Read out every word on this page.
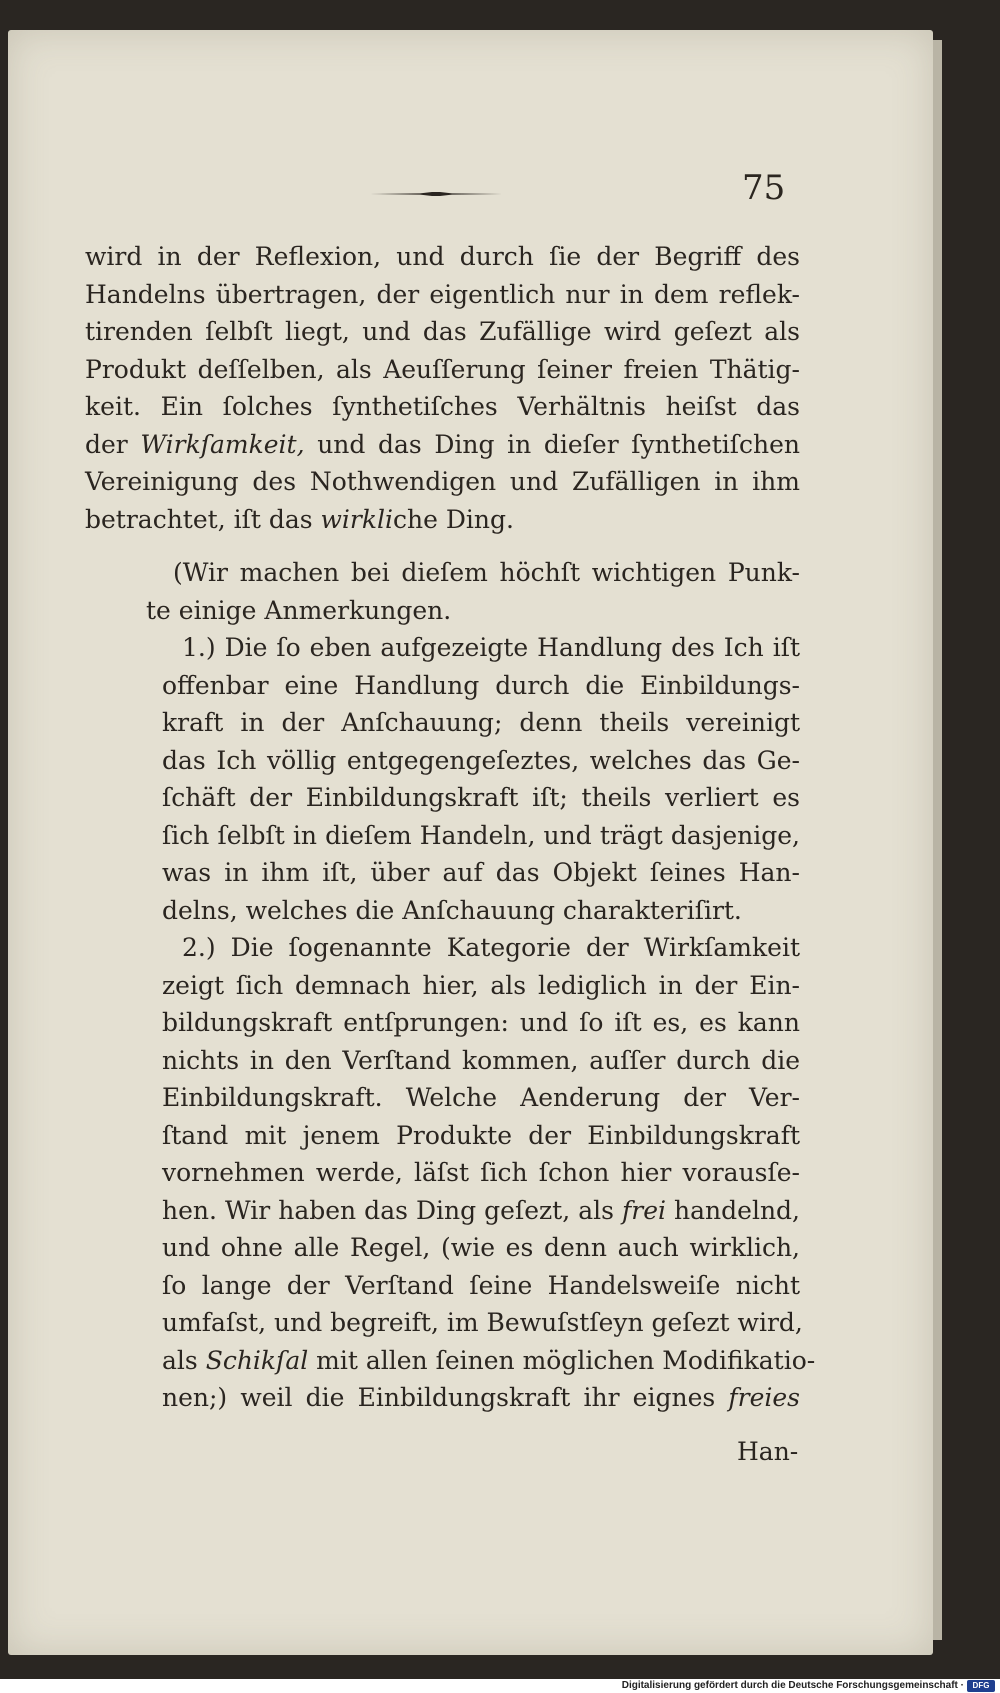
75
wird in der Reflexion, und durch ſie der Begriff des
Handelns übertragen, der eigentlich nur in dem reflek-
tirenden ſelbſt liegt, und das Zufällige wird geſezt als
Produkt deſſelben, als Aeuſſerung ſeiner freien Thätig-
keit. Ein ſolches ſynthetiſches Verhältnis heiſst das
der Wirkſamkeit, und das Ding in dieſer ſynthetiſchen
Vereinigung des Nothwendigen und Zufälligen in ihm
betrachtet, iſt das wirkliche Ding.
(Wir machen bei dieſem höchſt wichtigen Punk-
te einige Anmerkungen.
1.) Die ſo eben aufgezeigte Handlung des Ich iſt
offenbar eine Handlung durch die Einbildungs-
kraft in der Anſchauung; denn theils vereinigt
das Ich völlig entgegengeſeztes, welches das Ge-
ſchäft der Einbildungskraft iſt; theils verliert es
ſich ſelbſt in dieſem Handeln, und trägt dasjenige,
was in ihm iſt, über auf das Objekt ſeines Han-
delns, welches die Anſchauung charakteriſirt.
2.) Die ſogenannte Kategorie der Wirkſamkeit
zeigt ſich demnach hier, als lediglich in der Ein-
bildungskraft entſprungen: und ſo iſt es, es kann
nichts in den Verſtand kommen, auſſer durch die
Einbildungskraft. Welche Aenderung der Ver-
ſtand mit jenem Produkte der Einbildungskraft
vornehmen werde, läſst ſich ſchon hier vorausſe-
hen. Wir haben das Ding geſezt, als frei handelnd,
und ohne alle Regel, (wie es denn auch wirklich,
ſo lange der Verſtand ſeine Handelsweiſe nicht
umfaſst, und begreift, im Bewuſstſeyn geſezt wird,
als Schikſal mit allen ſeinen möglichen Modifikatio-
nen;) weil die Einbildungskraft ihr eignes freies
Han-
Digitalisierung gefördert durch die Deutsche Forschungsgemeinschaft ·	DFG
